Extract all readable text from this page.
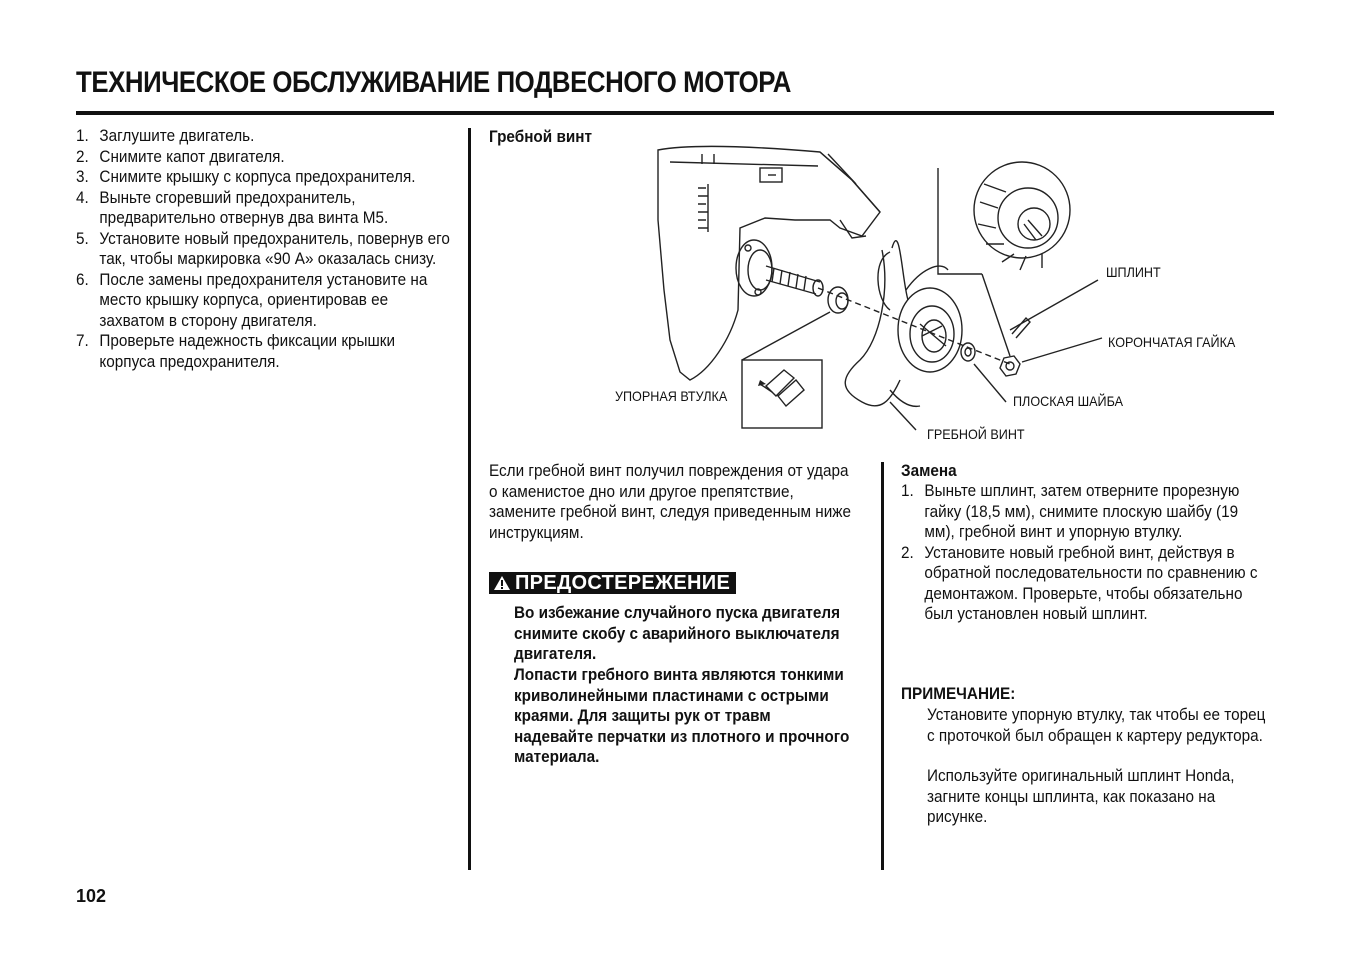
ТЕХНИЧЕСКОЕ ОБСЛУЖИВАНИЕ ПОДВЕСНОГО МОТОРА
1. Заглушите двигатель.
2. Снимите капот двигателя.
3. Снимите крышку с корпуса предохранителя.
4. Выньте сгоревший предохранитель, предварительно отвернув два винта M5.
5. Установите новый предохранитель, повернув его так, чтобы маркировка «90 A» оказалась снизу.
6. После замены предохранителя установите на место крышку корпуса, ориентировав ее захватом в сторону двигателя.
7. Проверьте надежность фиксации крышки корпуса предохранителя.
Гребной винт
ШПЛИНТ
КОРОНЧАТАЯ ГАЙКА
ПЛОСКАЯ ШАЙБА
ГРЕБНОЙ ВИНТ
УПОРНАЯ ВТУЛКА
Если гребной винт получил повреждения от удара о каменистое дно или другое препятствие, замените гребной винт, следуя приведенным ниже инструкциям.
ПРЕДОСТЕРЕЖЕНИЕ
Во избежание случайного пуска двигателя снимите скобу с аварийного выключателя двигателя.
Лопасти гребного винта являются тонкими криволинейными пластинами с острыми краями. Для защиты рук от травм надевайте перчатки из плотного и прочного материала.
Замена
1. Выньте шплинт, затем отверните прорезную гайку (18,5 мм), снимите плоскую шайбу (19 мм), гребной винт и упорную втулку.
2. Установите новый гребной винт, действуя в обратной последовательности по сравнению с демонтажом. Проверьте, чтобы обязательно был установлен новый шплинт.
ПРИМЕЧАНИЕ:
Установите упорную втулку, так чтобы ее торец с проточкой был обращен к картеру редуктора.
Используйте оригинальный шплинт Honda, загните концы шплинта, как показано на рисунке.
102
